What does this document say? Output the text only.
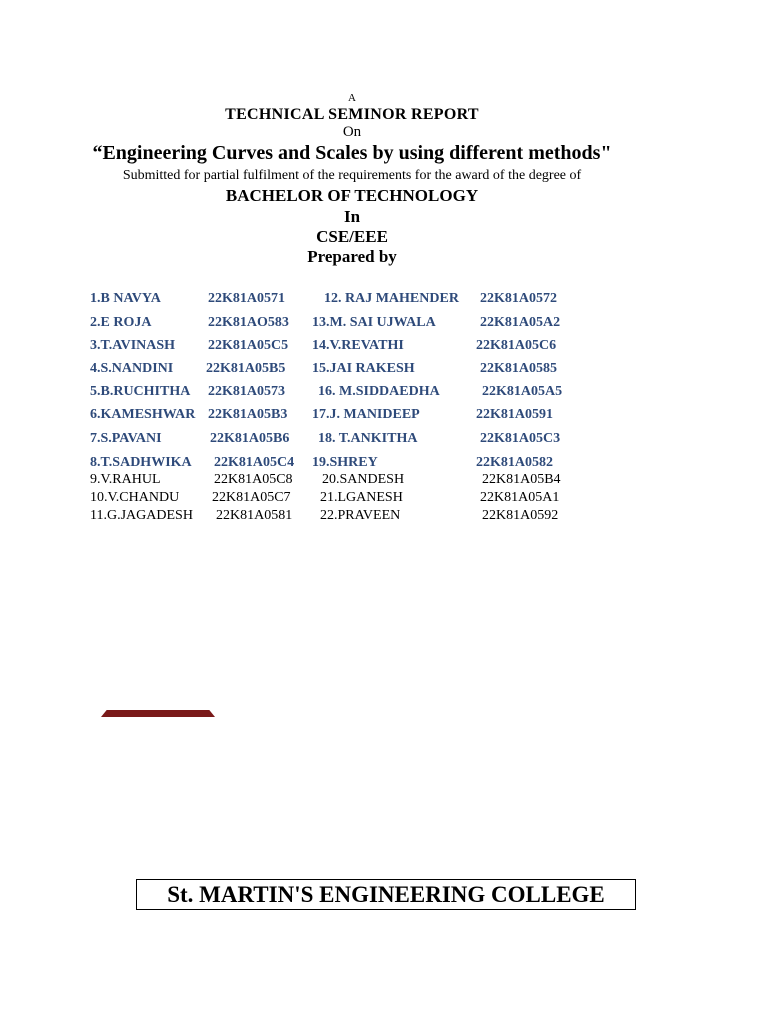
A
TECHNICAL SEMINOR REPORT
On
“Engineering Curves and Scales by using different methods"
Submitted for partial fulfilment of the requirements for the award of the degree of
BACHELOR OF TECHNOLOGY
In
CSE/EEE
Prepared by
1.B NAVYA	22K81A0571	12. RAJ MAHENDER 22K81A0572
2.E ROJA	22K81AO583 13.M. SAI UJWALA	22K81A05A2
3.T.AVINASH 22K81A05C5 14.V.REVATHI	22K81A05C6
4.S.NANDINI 22K81A05B5 15.JAI RAKESH	22K81A0585
5.B.RUCHITHA 22K81A0573 16. M.SIDDAEDHA	22K81A05A5
6.KAMESHWAR 22K81A05B3 17.J. MANIDEEP	22K81A0591
7.S.PAVANI	22K81A05B6 18. T.ANKITHA	22K81A05C3
8.T.SADHWIKA 22K81A05C4 19.SHREY	22K81A0582
9.V.RAHUL	22K81A05C8 20.SANDESH	22K81A05B4
10.V.CHANDU 22K81A05C7 21.LGANESH	22K81A05A1
11.G.JAGADESH 22K81A0581 22.PRAVEEN	22K81A0592
St. MARTIN'S ENGINEERING COLLEGE
